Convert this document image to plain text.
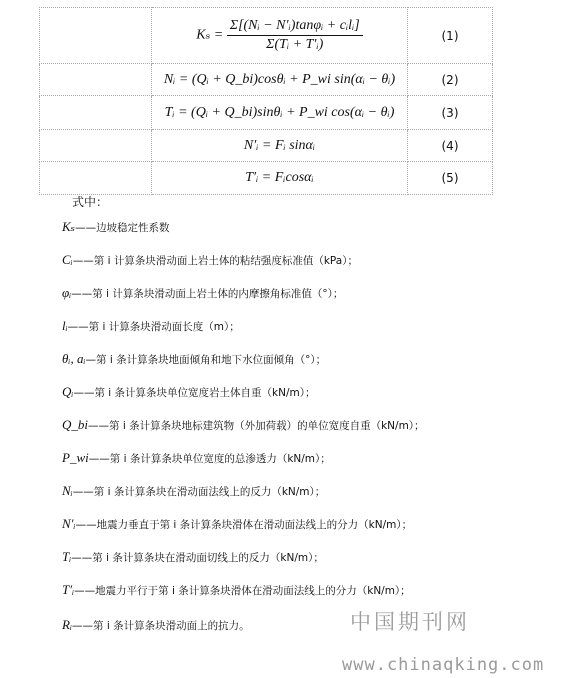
	$K_s = \frac{\text{Σ[(Nᵢ − N′ᵢ)tanφᵢ + cᵢlᵢ]}}{\text{Σ(Tᵢ + T′ᵢ)}}$	(1)
	Nᵢ = (Qᵢ + Q_bi)cosθᵢ + P_wi sin(αᵢ − θᵢ)	(2)
	Tᵢ = (Qᵢ + Q_bi)sinθᵢ + P_wi cos(αᵢ − θᵢ)	(3)
	N′ᵢ = Fᵢ sinαᵢ	(4)
	T′ᵢ = Fᵢcosαᵢ	(5)
式中：
Kₛ——边坡稳定性系数
Cᵢ——第 i 计算条块滑动面上岩土体的粘结强度标准值（kPa）；
φᵢ——第 i 计算条块滑动面上岩土体的内摩擦角标准值（°）；
lᵢ——第 i 计算条块滑动面长度（m）；
θᵢ, aᵢ—第 i 条计算条块地面倾角和地下水位面倾角（°）；
Qᵢ——第 i 条计算条块单位宽度岩土体自重（kN/m）；
Q_bi——第 i 条计算条块地标建筑物（外加荷载）的单位宽度自重（kN/m）；
P_wi——第 i 条计算条块单位宽度的总渗透力（kN/m）；
Nᵢ——第 i 条计算条块在滑动面法线上的反力（kN/m）；
N′ᵢ——地震力垂直于第 i 条计算条块滑体在滑动面法线上的分力（kN/m）；
Tᵢ——第 i 条计算条块在滑动面切线上的反力（kN/m）；
T′ᵢ——地震力平行于第 i 条计算条块滑体在滑动面法线上的分力（kN/m）；
Rᵢ——第 i 条计算条块滑动面上的抗力。	中国期刊网
www.chinaqking.com
